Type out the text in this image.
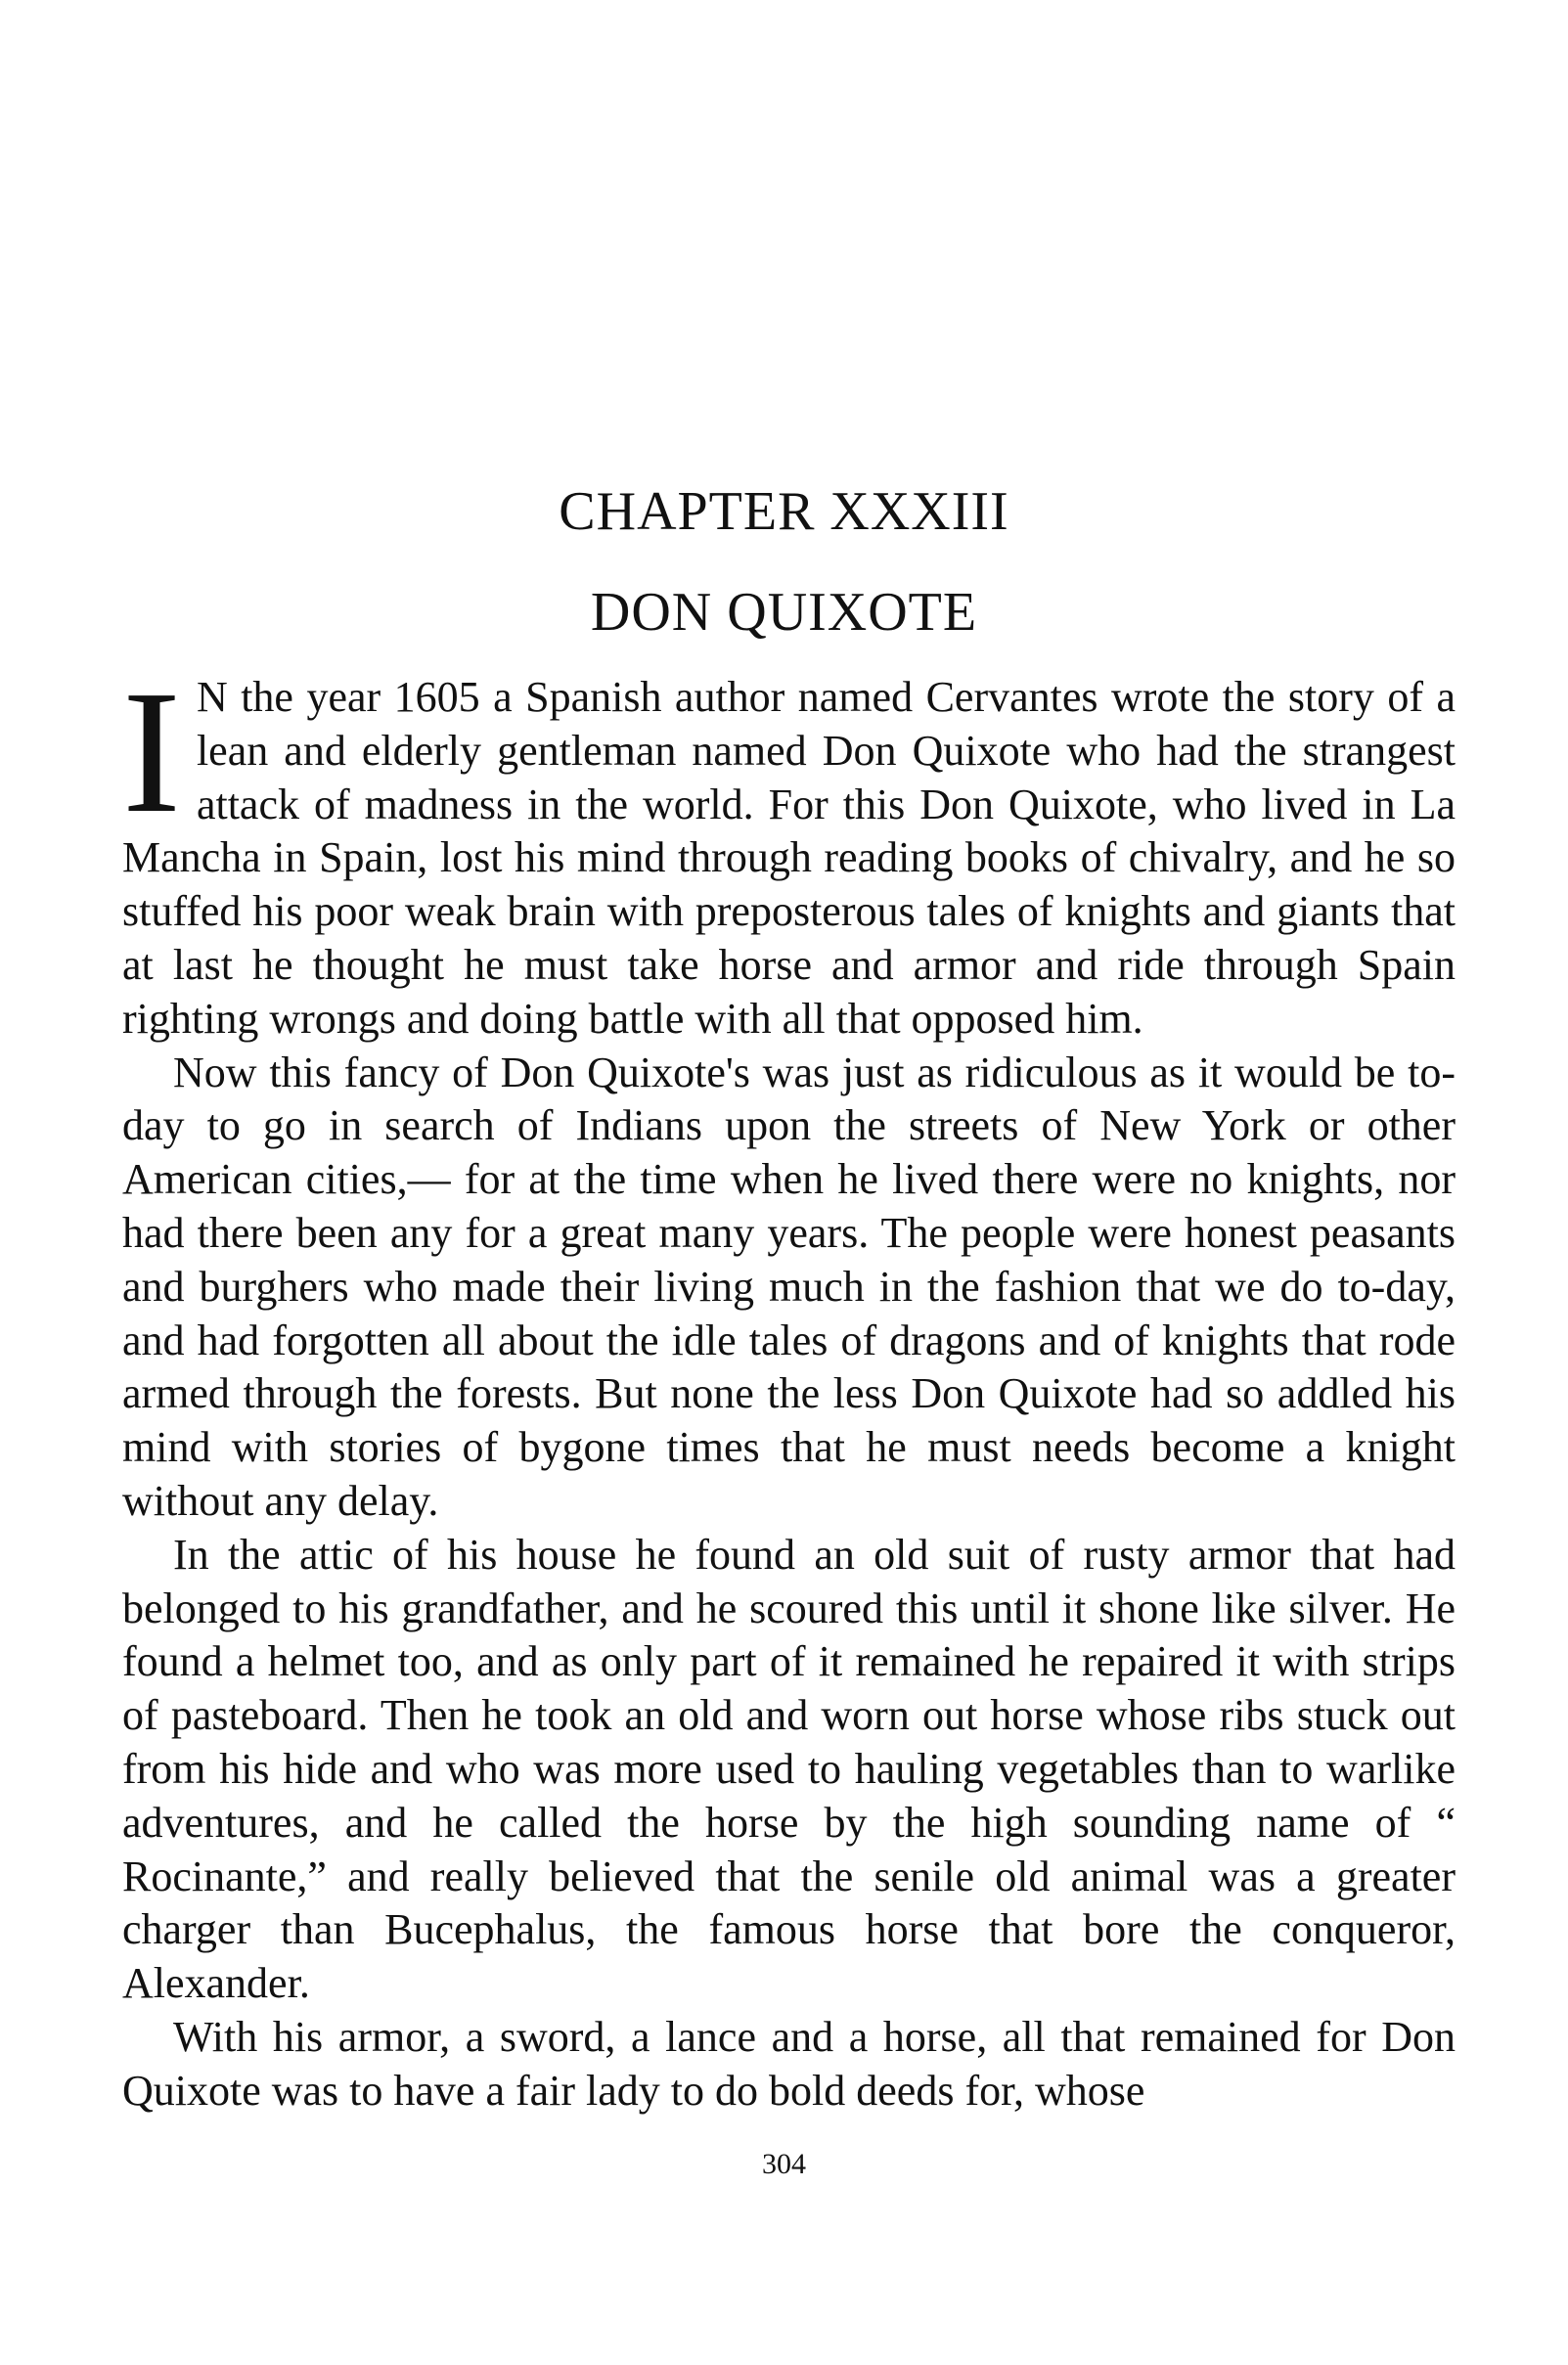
CHAPTER XXXIII
DON QUIXOTE

I N the year 1605 a Spanish author named Cervantes wrote the story of a lean and elderly gentleman named Don Quixote who had the strangest attack of madness in the world. For this Don Quixote, who lived in La Mancha in Spain, lost his mind through reading books of chivalry, and he so stuffed his poor weak brain with preposterous tales of knights and giants that at last he thought he must take horse and armor and ride through Spain righting wrongs and doing battle with all that opposed him.

Now this fancy of Don Quixote's was just as ridiculous as it would be to-day to go in search of Indians upon the streets of New York or other American cities,— for at the time when he lived there were no knights, nor had there been any for a great many years. The people were honest peasants and burghers who made their living much in the fashion that we do to-day, and had forgotten all about the idle tales of dragons and of knights that rode armed through the forests. But none the less Don Quixote had so addled his mind with stories of bygone times that he must needs become a knight without any delay.

In the attic of his house he found an old suit of rusty armor that had belonged to his grandfather, and he scoured this until it shone like silver. He found a helmet too, and as only part of it remained he repaired it with strips of pasteboard. Then he took an old and worn out horse whose ribs stuck out from his hide and who was more used to hauling vegetables than to warlike adventures, and he called the horse by the high sounding name of “ Rocinante,” and really believed that the senile old animal was a greater charger than Bucephalus, the famous horse that bore the conqueror, Alexander.

With his armor, a sword, a lance and a horse, all that remained for Don Quixote was to have a fair lady to do bold deeds for, whose

304
